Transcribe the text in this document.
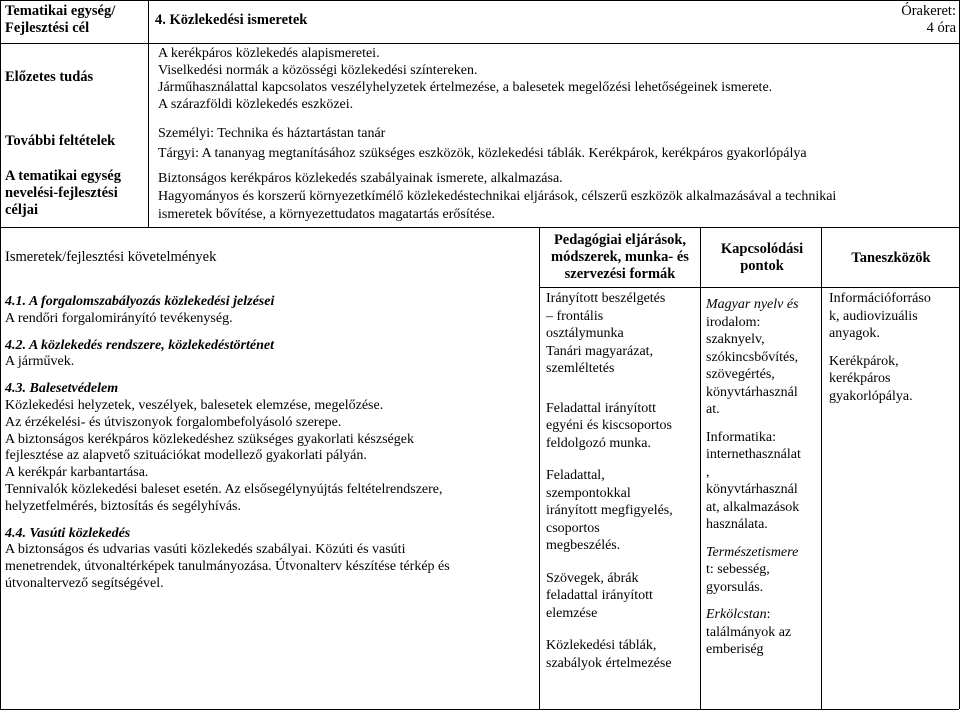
Tematikai egység/ Fejlesztési cél	4. Közlekedési ismeretek
Órakeret:
4 óra
Előzetes tudás
További feltételek
A tematikai egység nevelési-fejlesztési céljai
A kerékpáros közlekedés alapismeretei.
Viselkedési normák a közösségi közlekedési színtereken.
Járműhasználattal kapcsolatos veszélyhelyzetek értelmezése, a balesetek megelőzési lehetőségeinek ismerete.
A szárazföldi közlekedés eszközei.
Személyi: Technika és háztartástan tanár
Tárgyi: A tananyag megtanításához szükséges eszközök, közlekedési táblák. Kerékpárok, kerékpáros gyakorlópálya
Biztonságos kerékpáros közlekedés szabályainak ismerete, alkalmazása.
Hagyományos és korszerű környezetkímélő közlekedéstechnikai eljárások, célszerű eszközök alkalmazásával a technikai
ismeretek bővítése, a környezettudatos magatartás erősítése.
Ismeretek/fejlesztési követelmények
4.1. A forgalomszabályozás közlekedési jelzései
A rendőri forgalomirányító tevékenység.
4.2. A közlekedés rendszere, közlekedéstörténet
A járművek.
4.3. Balesetvédelem
Közlekedési helyzetek, veszélyek, balesetek elemzése, megelőzése.
Az érzékelési- és útviszonyok forgalombefolyásoló szerepe.
A biztonságos kerékpáros közlekedéshez szükséges gyakorlati készségek
fejlesztése az alapvető szituációkat modellező gyakorlati pályán.
A kerékpár karbantartása.
Tennivalók közlekedési baleset esetén. Az elsősegélynyújtás feltételrendszere,
helyzetfelmérés, biztosítás és segélyhívás.
4.4. Vasúti közlekedés
A biztonságos és udvarias vasúti közlekedés szabályai. Közúti és vasúti
menetrendek, útvonaltérképek tanulmányozása. Útvonalterv készítése térkép és
útvonaltervező segítségével.
Pedagógiai eljárások, módszerek, munka- és szervezési formák
Kapcsolódási pontok	Taneszközök
Irányított beszélgetés
– frontális
osztálymunka
Tanári magyarázat,
szemléltetés
Feladattal irányított
egyéni és kiscsoportos
feldolgozó munka.
Feladattal,
szempontokkal
irányított megfigyelés,
csoportos
megbeszélés.
Szövegek, ábrák
feladattal irányított
elemzése
Közlekedési táblák,
szabályok értelmezése
Magyar nyelv és
irodalom:
szaknyelv,
szókincsbővítés,
szövegértés,
könyvtárhasznál
at.
Informatika:
internethasználat
,
könyvtárhasznál
at, alkalmazások
használata.
Természetismere
t: sebesség,
gyorsulás.
Erkölcstan:
találmányok az
emberiség
Információforráso
k, audiovizuális
anyagok.
Kerékpárok,
kerékpáros
gyakorlópálya.
